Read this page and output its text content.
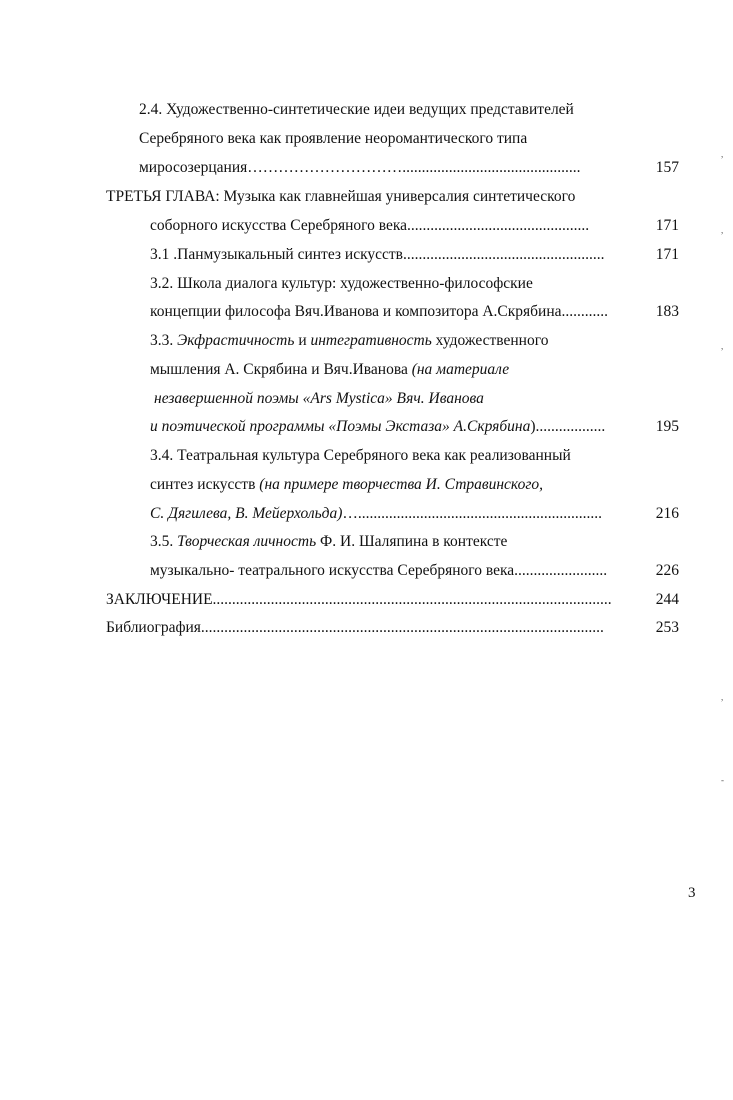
2.4. Художественно-синтетические идеи ведущих представителей
Серебряного века как проявление неоромантического типа
миросозерцания…………………………..............................................	157
ТРЕТЬЯ ГЛАВА: Музыка как главнейшая универсалия синтетического
соборного искусства Серебряного века...............................................	171
3.1 .Панмузыкальный синтез искусств....................................................	171
3.2. Школа диалога культур: художественно-философские
концепции философа Вяч.Иванова и композитора А.Скрябина............	183
3.3. Экфрастичность и интегративность художественного
мышления А. Скрябина и Вяч.Иванова (на материале
незавершенной поэмы «Ars Mystica» Вяч. Иванова
и поэтической программы «Поэмы Экстаза» А.Скрябина)..................	195
3.4. Театральная культура Серебряного века как реализованный
синтез искусств (на примере творчества И. Стравинского,
С. Дягилева, В. Мейерхольда)…...............................................................	216
3.5. Творческая личность Ф. И. Шаляпина в контексте
музыкально- театрального искусства Серебряного века........................	226
ЗАКЛЮЧЕНИЕ.......................................................................................................	244
Библиография........................................................................................................	253
3
,
,
,
,
-
